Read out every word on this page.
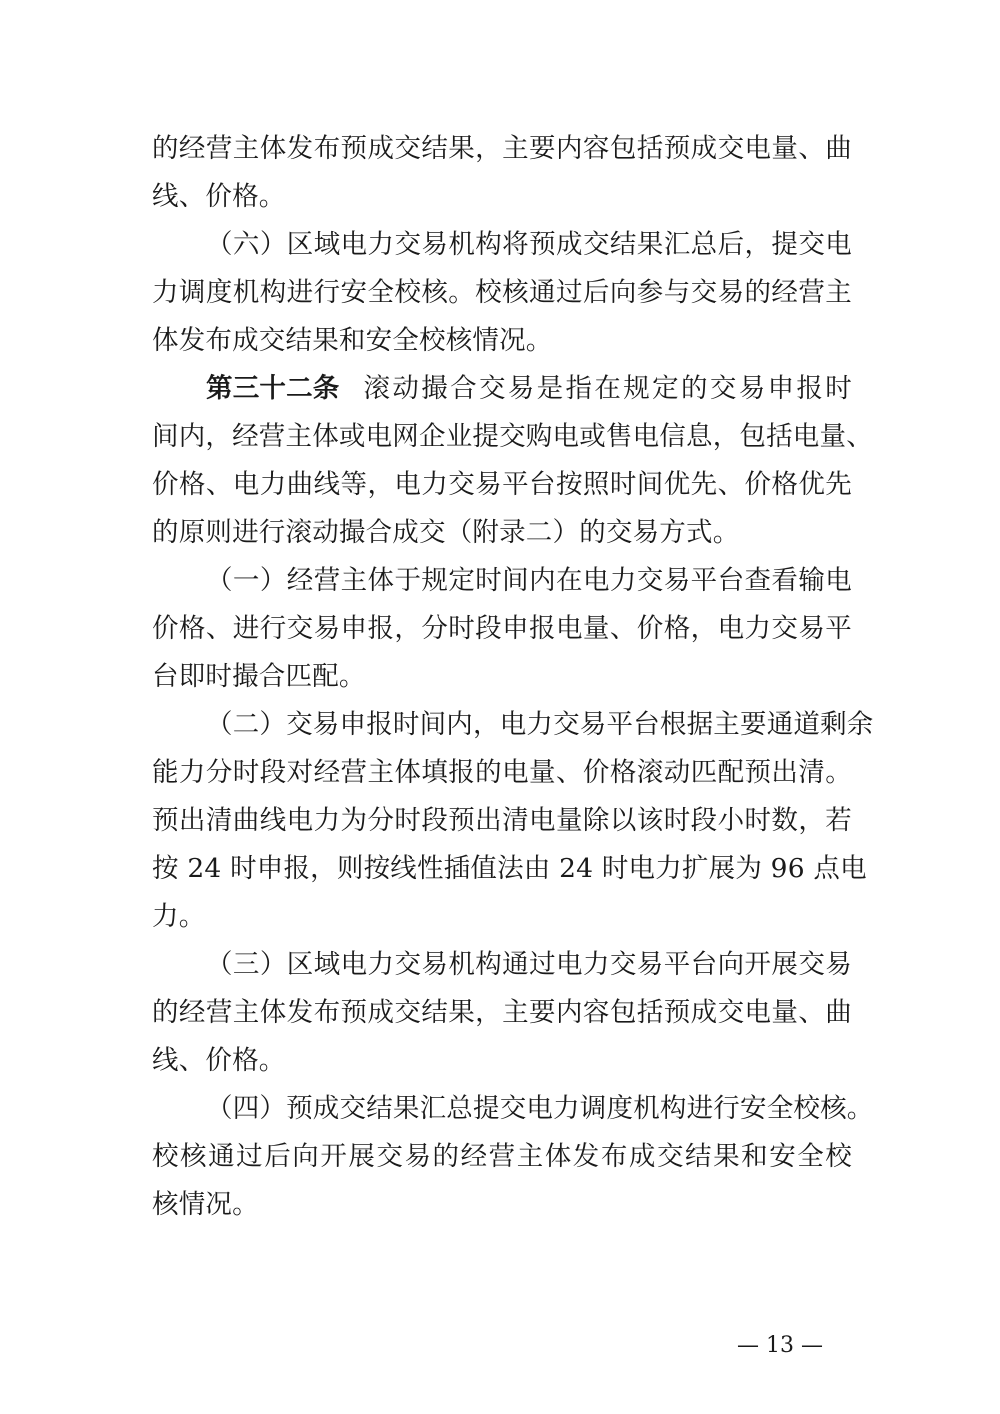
的经营主体发布预成交结果，主要内容包括预成交电量、曲
线、价格。
（六）区域电力交易机构将预成交结果汇总后，提交电
力调度机构进行安全校核。校核通过后向参与交易的经营主
体发布成交结果和安全校核情况。
第三十二条 滚动撮合交易是指在规定的交易申报时
间内，经营主体或电网企业提交购电或售电信息，包括电量、
价格、电力曲线等，电力交易平台按照时间优先、价格优先
的原则进行滚动撮合成交（附录二）的交易方式。
（一）经营主体于规定时间内在电力交易平台查看输电
价格、进行交易申报，分时段申报电量、价格，电力交易平
台即时撮合匹配。
（二）交易申报时间内，电力交易平台根据主要通道剩余
能力分时段对经营主体填报的电量、价格滚动匹配预出清。
预出清曲线电力为分时段预出清电量除以该时段小时数，若
按 24 时申报，则按线性插值法由 24 时电力扩展为 96 点电
力。
（三）区域电力交易机构通过电力交易平台向开展交易
的经营主体发布预成交结果，主要内容包括预成交电量、曲
线、价格。
（四）预成交结果汇总提交电力调度机构进行安全校核。
校核通过后向开展交易的经营主体发布成交结果和安全校
核情况。
— 13 —
